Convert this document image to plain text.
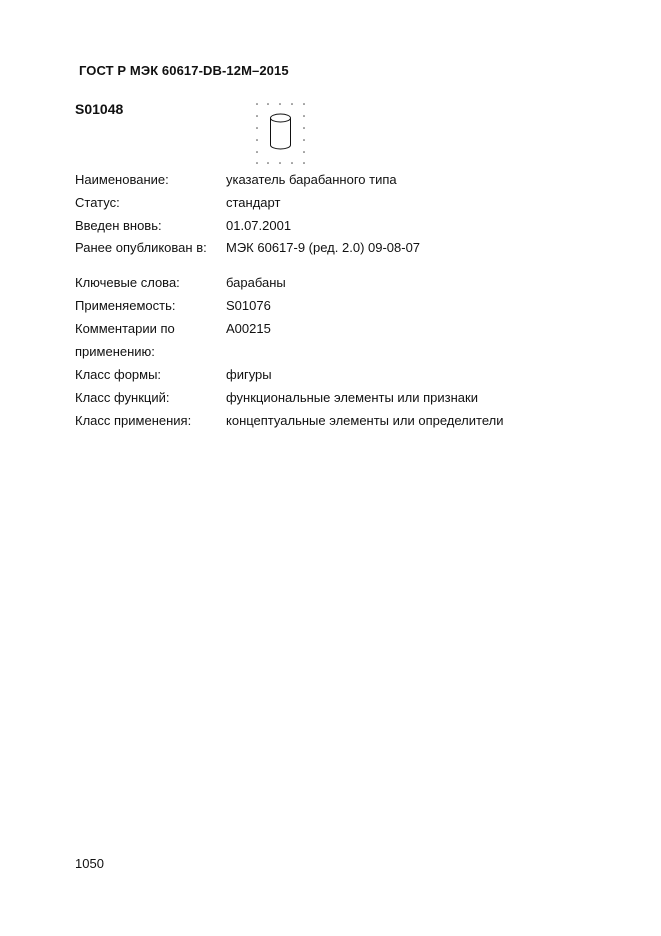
ГОСТ Р МЭК 60617-DB-12M–2015
S01048
Наименование:	указатель барабанного типа
Статус:	стандарт
Введен вновь:	01.07.2001
Ранее опубликован в:	МЭК 60617-9 (ред. 2.0) 09-08-07
Ключевые слова:	барабаны
Применяемость:	S01076
Комментарии по	A00215
применению:
Класс формы:	фигуры
Класс функций:	функциональные элементы или признаки
Класс применения:	концептуальные элементы или определители
1050
